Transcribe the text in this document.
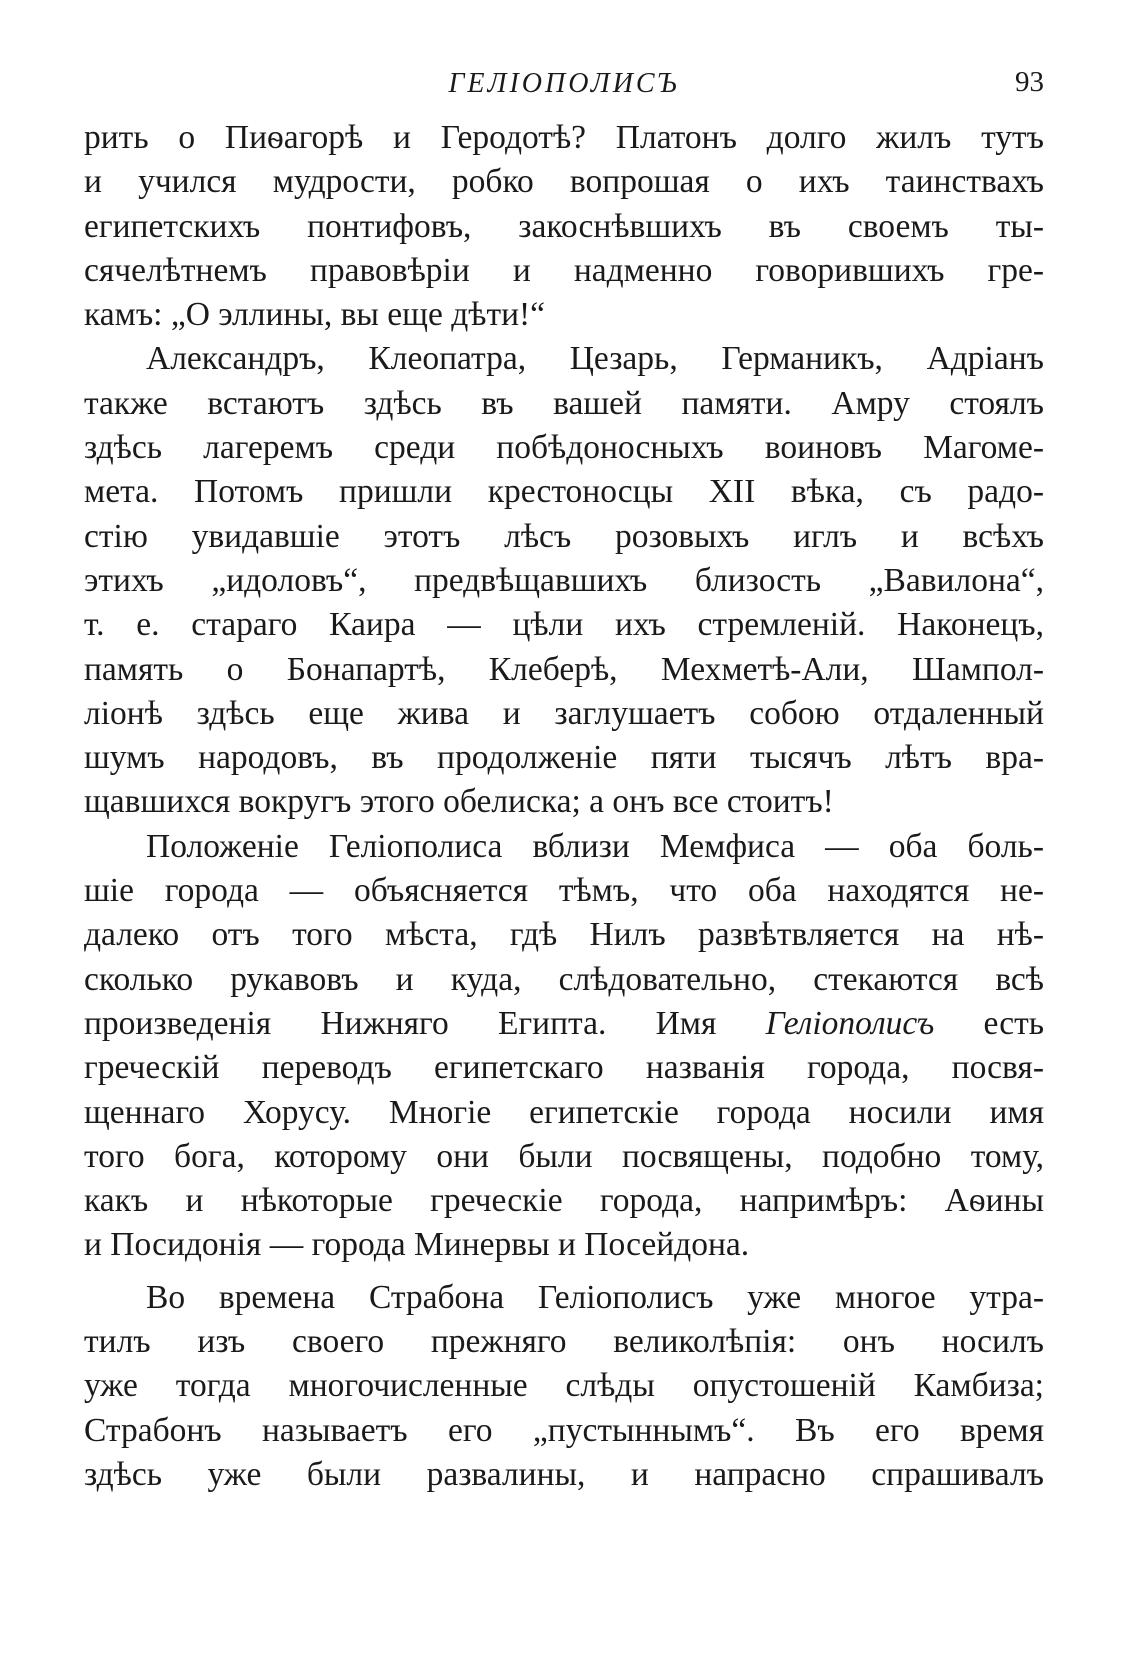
ГЕЛІОПОЛИСЪ	93
рить о Пиѳагорѣ и Геродотѣ? Платонъ долго жилъ тутъ
и учился мудрости, робко вопрошая о ихъ таинствахъ
египетскихъ понтифовъ, закоснѣвшихъ въ своемъ ты-
сячелѣтнемъ правовѣріи и надменно говорившихъ гре-
камъ: „О эллины, вы еще дѣти!“
Александръ, Клеопатра, Цезарь, Германикъ, Адріанъ
также встаютъ здѣсь въ вашей памяти. Амру стоялъ
здѣсь лагеремъ среди побѣдоносныхъ воиновъ Магоме-
мета. Потомъ пришли крестоносцы XII вѣка, съ радо-
стію увидавшіе этотъ лѣсъ розовыхъ иглъ и всѣхъ
этихъ „идоловъ“, предвѣщавшихъ близость „Вавилона“,
т. е. стараго Каира — цѣли ихъ стремленій. Наконецъ,
память о Бонапартѣ, Клеберѣ, Мехметѣ-Али, Шампол-
ліонѣ здѣсь еще жива и заглушаетъ собою отдаленный
шумъ народовъ, въ продолженіе пяти тысячъ лѣтъ вра-
щавшихся вокругъ этого обелиска; а онъ все стоитъ!
Положеніе Геліополиса вблизи Мемфиса — оба боль-
шіе города — объясняется тѣмъ, что оба находятся не-
далеко отъ того мѣста, гдѣ Нилъ развѣтвляется на нѣ-
сколько рукавовъ и куда, слѣдовательно, стекаются всѣ
произведенія Нижняго Египта. Имя Геліополисъ есть
греческій переводъ египетскаго названія города, посвя-
щеннаго Хорусу. Многіе египетскіе города носили имя
того бога, которому они были посвящены, подобно тому,
какъ и нѣкоторые греческіе города, напримѣръ: Аѳины
и Посидонія — города Минервы и Посейдона.
Во времена Страбона Геліополисъ уже многое утра-
тилъ изъ своего прежняго великолѣпія: онъ носилъ
уже тогда многочисленные слѣды опустошеній Камбиза;
Страбонъ называетъ его „пустыннымъ“. Въ его время
здѣсь уже были развалины, и напрасно спрашивалъ
